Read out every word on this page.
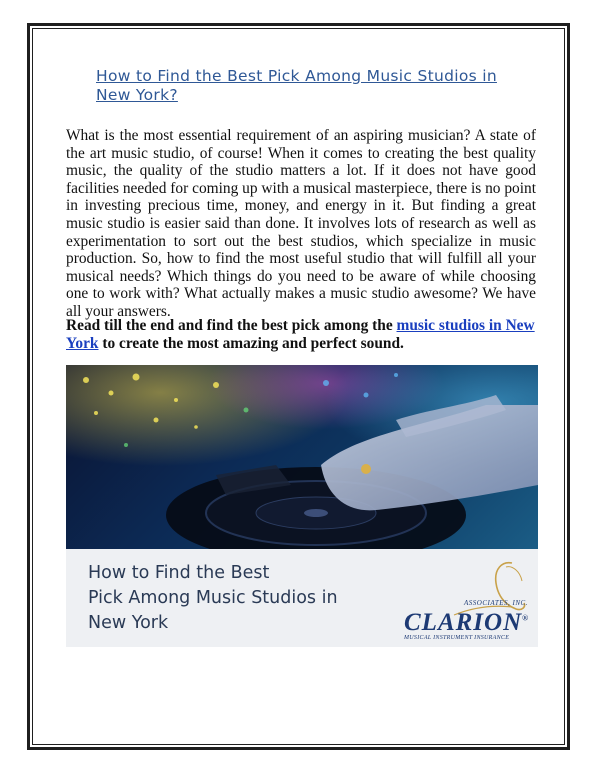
How to Find the Best Pick Among Music Studios in New York?

What is the most essential requirement of an aspiring musician? A state of the art music studio, of course! When it comes to creating the best quality music, the quality of the studio matters a lot. If it does not have good facilities needed for coming up with a musical masterpiece, there is no point in investing precious time, money, and energy in it. But finding a great music studio is easier said than done. It involves lots of research as well as experimentation to sort out the best studios, which specialize in music production. So, how to find the most useful studio that will fulfill all your musical needs? Which things do you need to be aware of while choosing one to work with? What actually makes a music studio awesome? We have all your answers.

Read till the end and find the best pick among the music studios in New York to create the most amazing and perfect sound.

How to Find the Best
Pick Among Music Studios in
New York

ASSOCIATES, INC.
CLARION®
MUSICAL INSTRUMENT INSURANCE
